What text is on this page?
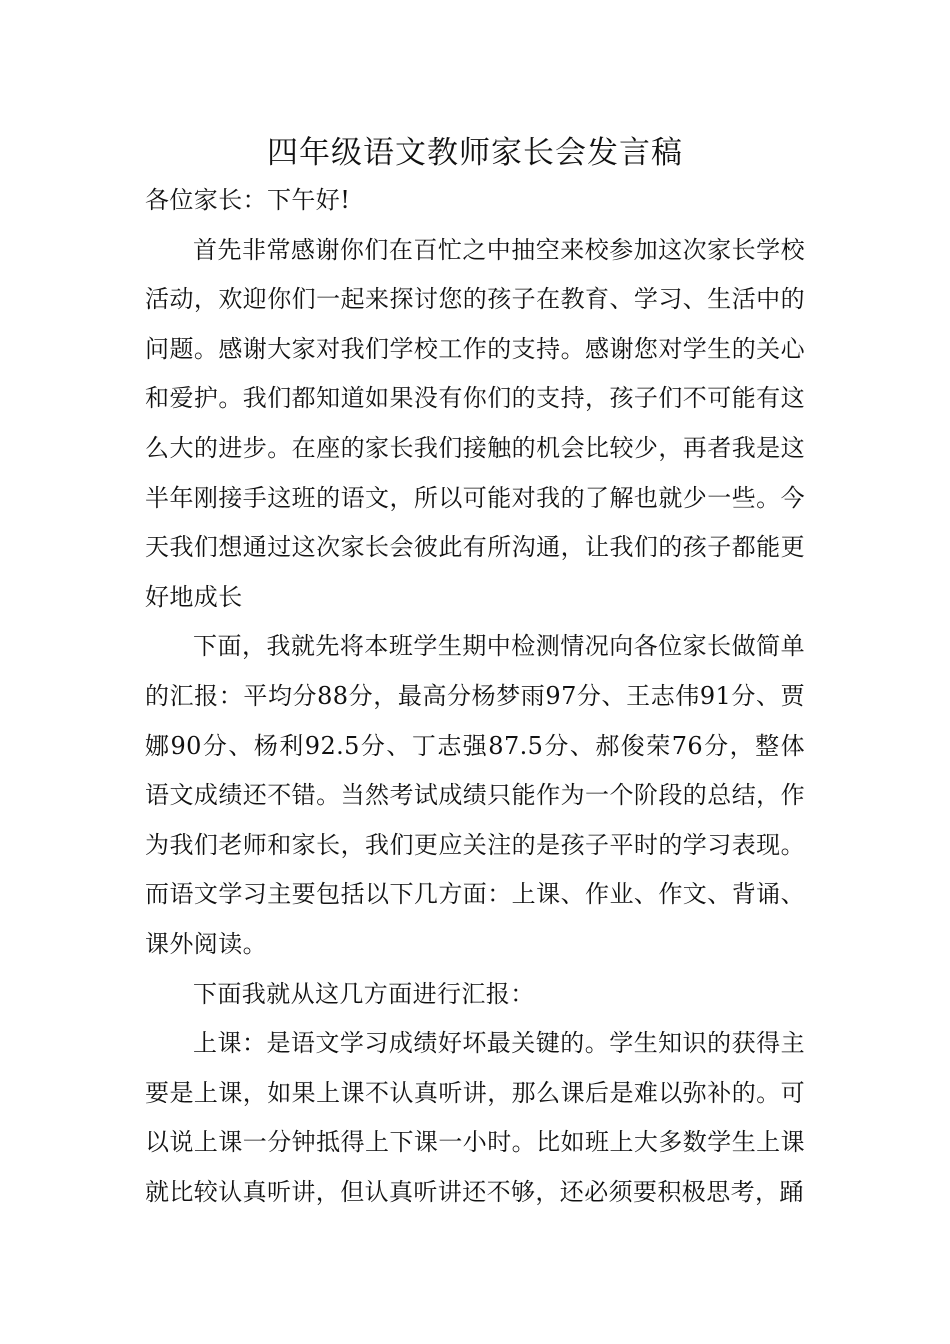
四年级语文教师家长会发言稿

各位家长：下午好!

首先非常感谢你们在百忙之中抽空来校参加这次家长学校活动，欢迎你们一起来探讨您的孩子在教育、学习、生活中的问题。感谢大家对我们学校工作的支持。感谢您对学生的关心和爱护。我们都知道如果没有你们的支持，孩子们不可能有这么大的进步。在座的家长我们接触的机会比较少，再者我是这半年刚接手这班的语文，所以可能对我的了解也就少一些。今天我们想通过这次家长会彼此有所沟通，让我们的孩子都能更好地成长

下面，我就先将本班学生期中检测情况向各位家长做简单的汇报：平均分88分，最高分杨梦雨97分、王志伟91分、贾娜90分、杨利92.5分、丁志强87.5分、郝俊荣76分，整体语文成绩还不错。当然考试成绩只能作为一个阶段的总结，作为我们老师和家长，我们更应关注的是孩子平时的学习表现。而语文学习主要包括以下几方面：上课、作业、作文、背诵、课外阅读。

下面我就从这几方面进行汇报：

上课：是语文学习成绩好坏最关键的。学生知识的获得主要是上课，如果上课不认真听讲，那么课后是难以弥补的。可以说上课一分钟抵得上下课一小时。比如班上大多数学生上课就比较认真听讲，但认真听讲还不够，还必须要积极思考，踊
